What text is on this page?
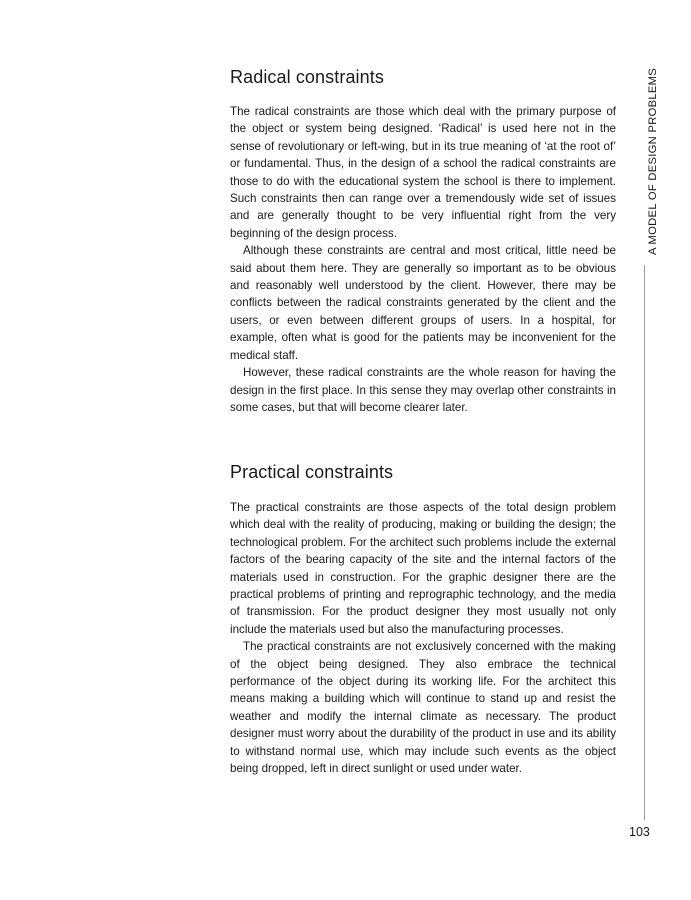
Radical constraints

The radical constraints are those which deal with the primary purpose of the object or system being designed. ‘Radical’ is used here not in the sense of revolutionary or left-wing, but in its true meaning of ‘at the root of’ or fundamental. Thus, in the design of a school the radical constraints are those to do with the educational system the school is there to implement. Such constraints then can range over a tremendously wide set of issues and are generally thought to be very influential right from the very beginning of the design process.

Although these constraints are central and most critical, little need be said about them here. They are generally so important as to be obvious and reasonably well understood by the client. However, there may be conflicts between the radical constraints generated by the client and the users, or even between different groups of users. In a hospital, for example, often what is good for the patients may be inconvenient for the medical staff.

However, these radical constraints are the whole reason for having the design in the first place. In this sense they may overlap other constraints in some cases, but that will become clearer later.

Practical constraints

The practical constraints are those aspects of the total design problem which deal with the reality of producing, making or building the design; the technological problem. For the architect such problems include the external factors of the bearing capacity of the site and the internal factors of the materials used in construction. For the graphic designer there are the practical problems of printing and reprographic technology, and the media of transmission. For the product designer they most usually not only include the materials used but also the manufacturing processes.

The practical constraints are not exclusively concerned with the making of the object being designed. They also embrace the technical performance of the object during its working life. For the architect this means making a building which will continue to stand up and resist the weather and modify the internal climate as necessary. The product designer must worry about the durability of the product in use and its ability to withstand normal use, which may include such events as the object being dropped, left in direct sunlight or used under water.

A MODEL OF DESIGN PROBLEMS
103
